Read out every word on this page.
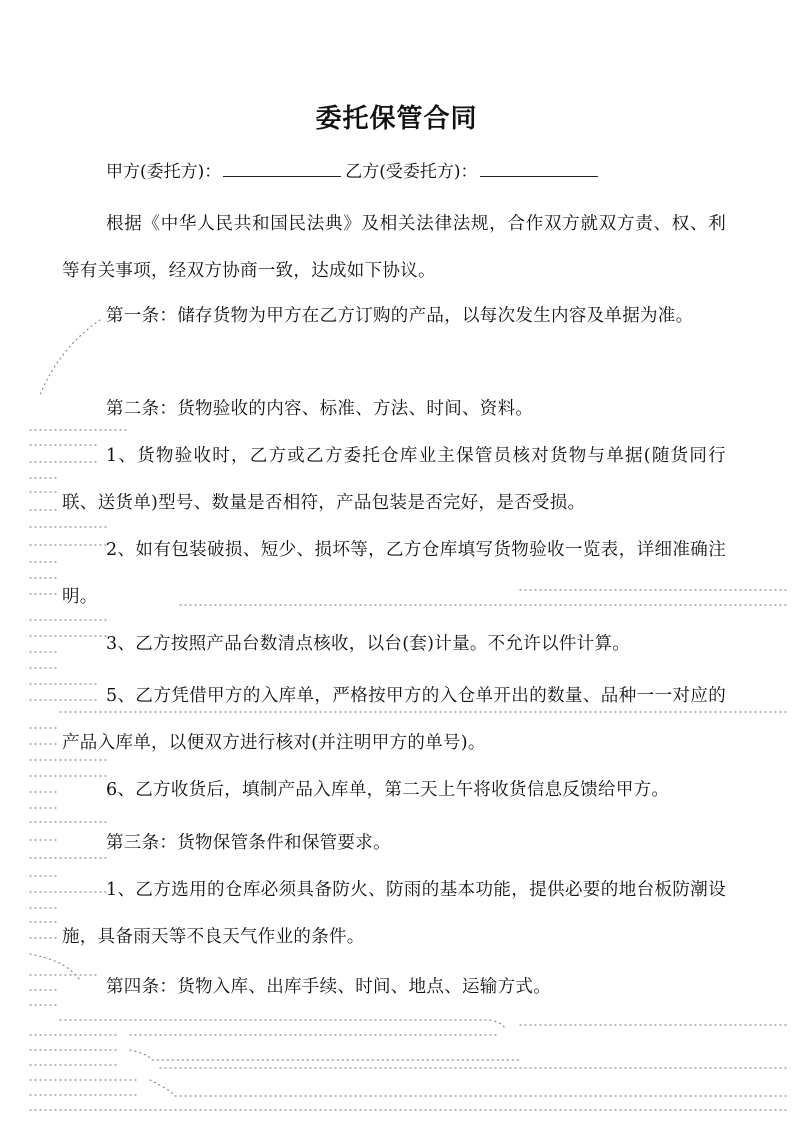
委托保管合同
甲方(委托方)：	乙方(受委托方)：

根据《中华人民共和国民法典》及相关法律法规，合作双方就双方责、权、利等有关事项，经双方协商一致，达成如下协议。

第一条：储存货物为甲方在乙方订购的产品，以每次发生内容及单据为准。

第二条：货物验收的内容、标准、方法、时间、资料。

1、货物验收时，乙方或乙方委托仓库业主保管员核对货物与单据(随货同行联、送货单)型号、数量是否相符，产品包装是否完好，是否受损。

2、如有包装破损、短少、损坏等，乙方仓库填写货物验收一览表，详细准确注明。

3、乙方按照产品台数清点核收，以台(套)计量。不允许以件计算。

5、乙方凭借甲方的入库单，严格按甲方的入仓单开出的数量、品种一一对应的产品入库单，以便双方进行核对(并注明甲方的单号)。

6、乙方收货后，填制产品入库单，第二天上午将收货信息反馈给甲方。

第三条：货物保管条件和保管要求。

1、乙方选用的仓库必须具备防火、防雨的基本功能，提供必要的地台板防潮设施，具备雨天等不良天气作业的条件。

第四条：货物入库、出库手续、时间、地点、运输方式。
